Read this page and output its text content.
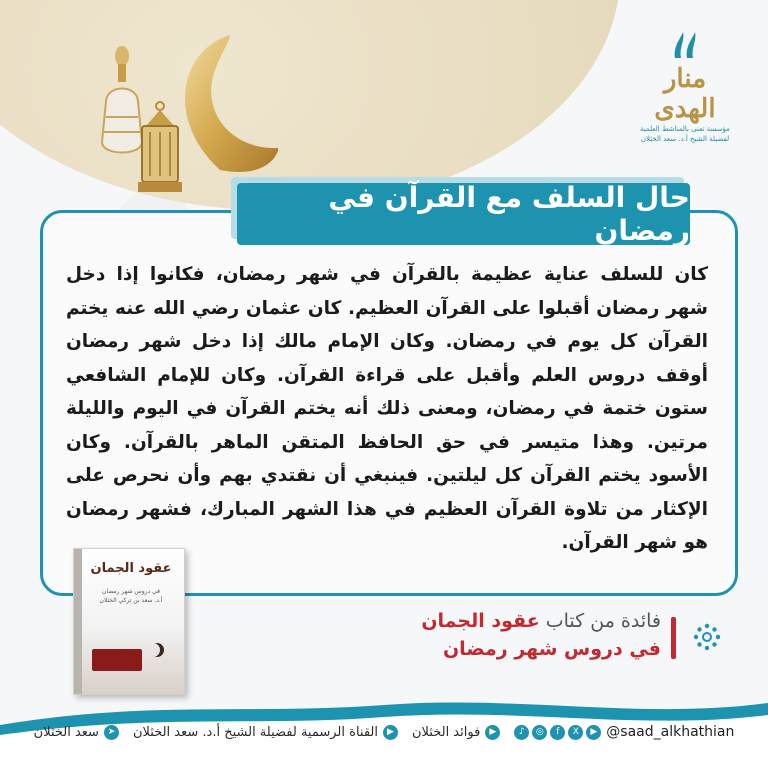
منار الهدى
مؤسسة تعنى بالمناشط العلمية
لفضيلة الشيخ أ.د. سعد الخثلان
حال السلف مع القرآن في رمضان
كان للسلف عناية عظيمة بالقرآن في شهر رمضان، فكانوا إذا دخل شهر رمضان أقبلوا على القرآن العظيم. كان عثمان رضي الله عنه يختم القرآن كل يوم في رمضان. وكان الإمام مالك إذا دخل شهر رمضان أوقف دروس العلم وأقبل على قراءة القرآن. وكان للإمام الشافعي ستون ختمة في رمضان، ومعنى ذلك أنه يختم القرآن في اليوم والليلة مرتين. وهذا متيسر في حق الحافظ المتقن الماهر بالقرآن. وكان الأسود يختم القرآن كل ليلتين. فينبغي أن نقتدي بهم وأن نحرص على الإكثار من تلاوة القرآن العظيم في هذا الشهر المبارك، فشهر رمضان هو شهر القرآن.
عقود الجمان
في دروس شهر رمضان
أ.د. سعد بن تركي الخثلان
فائدة من كتاب عقود الجمان
في دروس شهر رمضان
@saad_alkhathian
♪	◎	f	X	▶
▶
فوائد الخثلان
▶
القناة الرسمية لفضيلة الشيخ أ.د. سعد الخثلان
➤
سعد الخثلان
